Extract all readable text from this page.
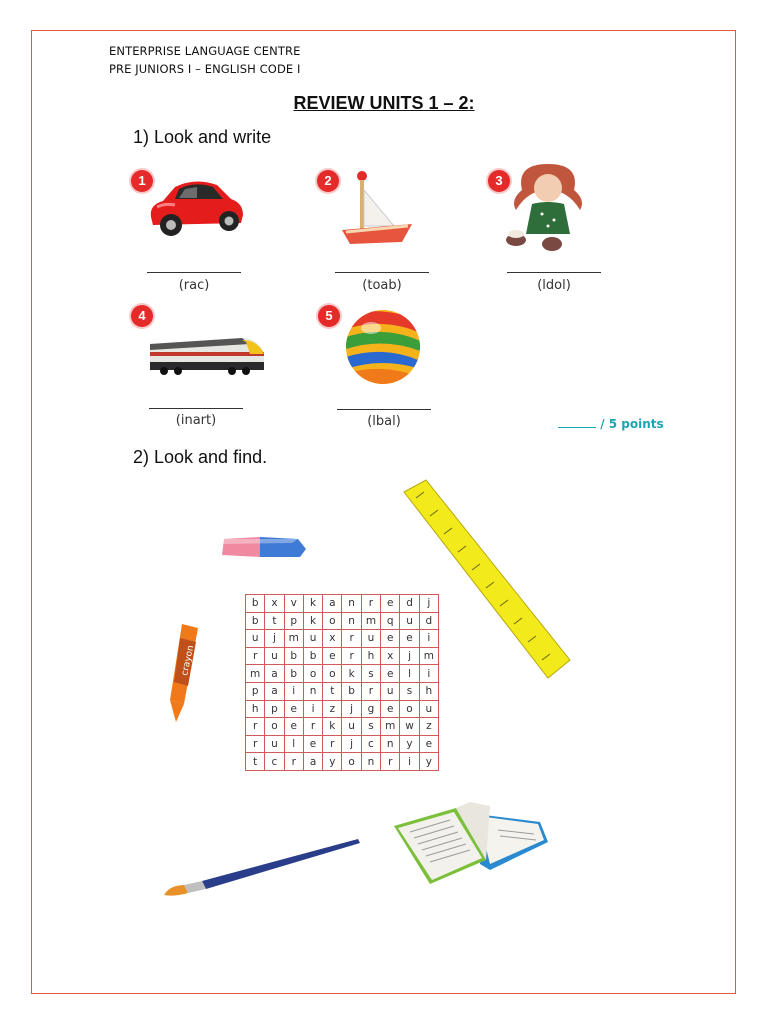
ENTERPRISE LANGUAGE CENTRE
PRE JUNIORS I – ENGLISH CODE I
REVIEW UNITS 1 – 2:
1) Look and write
1
(rac)
2
(toab)
3
(ldol)
4
(inart)
5
(lbal)	/ 5 points
2) Look and find.
crayon
b	x	v	k	a	n	r	e	d	j
b	t	p	k	o	n	m	q	u	d
u	j	m	u	x	r	u	e	e	i
r	u	b	b	e	r	h	x	j	m
m	a	b	o	o	k	s	e	l	i
p	a	i	n	t	b	r	u	s	h
h	p	e	i	z	j	g	e	o	u
r	o	e	r	k	u	s	m	w	z
r	u	l	e	r	j	c	n	y	e
t	c	r	a	y	o	n	r	i	y
